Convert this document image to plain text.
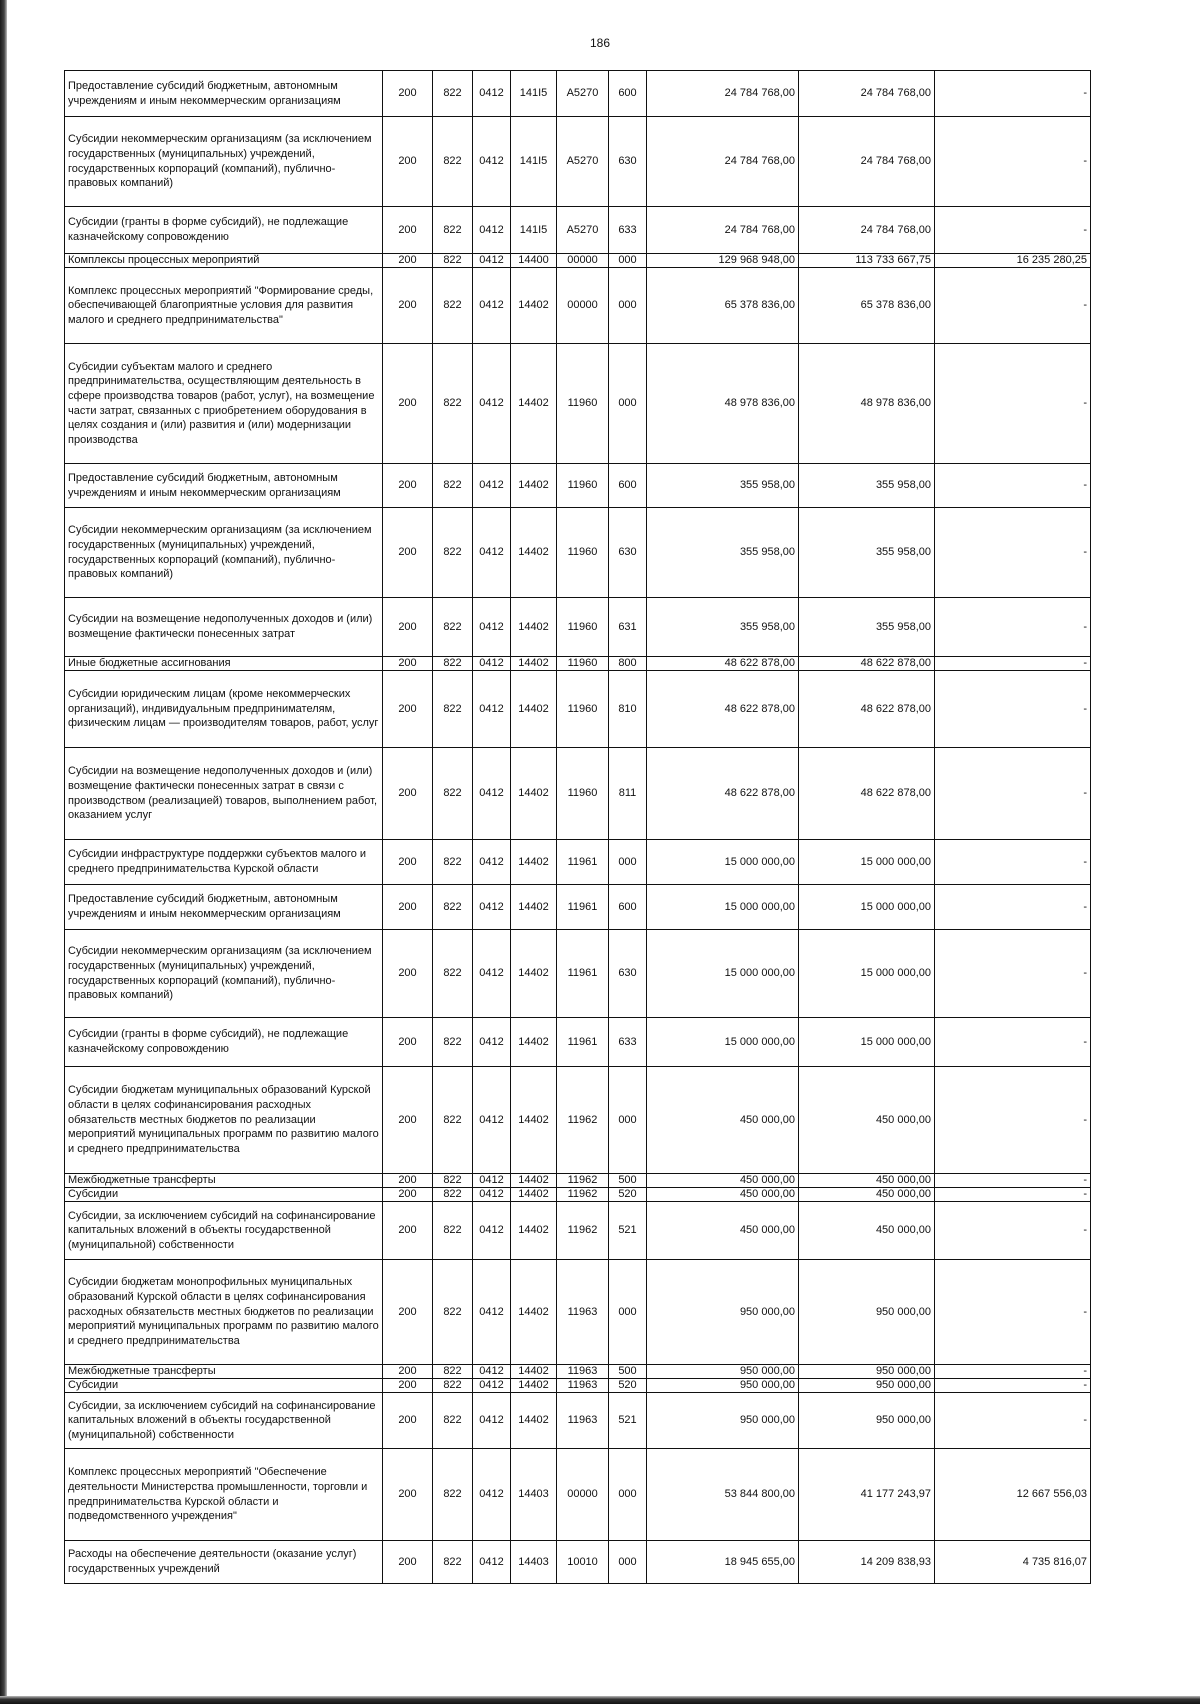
186
Предоставление субсидий бюджетным, автономным учреждениям и иным некоммерческим организациям	200	822	0412	141I5	A5270	600	24 784 768,00	24 784 768,00	-
Субсидии некоммерческим организациям (за исключением государственных (муниципальных) учреждений, государственных корпораций (компаний), публично-правовых компаний)	200	822	0412	141I5	A5270	630	24 784 768,00	24 784 768,00	-
Субсидии (гранты в форме субсидий), не подлежащие казначейскому сопровождению	200	822	0412	141I5	A5270	633	24 784 768,00	24 784 768,00	-
Комплексы процессных мероприятий	200	822	0412	14400	00000	000	129 968 948,00	113 733 667,75	16 235 280,25
Комплекс процессных мероприятий "Формирование среды, обеспечивающей благоприятные условия для развития малого и среднего предпринимательства"	200	822	0412	14402	00000	000	65 378 836,00	65 378 836,00	-
Субсидии субъектам малого и среднего предпринимательства, осуществляющим деятельность в сфере производства товаров (работ, услуг), на возмещение части затрат, связанных с приобретением оборудования в целях создания и (или) развития и (или) модернизации производства	200	822	0412	14402	11960	000	48 978 836,00	48 978 836,00	-
Предоставление субсидий бюджетным, автономным учреждениям и иным некоммерческим организациям	200	822	0412	14402	11960	600	355 958,00	355 958,00	-
Субсидии некоммерческим организациям (за исключением государственных (муниципальных) учреждений, государственных корпораций (компаний), публично-правовых компаний)	200	822	0412	14402	11960	630	355 958,00	355 958,00	-
Субсидии на возмещение недополученных доходов и (или) возмещение фактически понесенных затрат	200	822	0412	14402	11960	631	355 958,00	355 958,00	-
Иные бюджетные ассигнования	200	822	0412	14402	11960	800	48 622 878,00	48 622 878,00	-
Субсидии юридическим лицам (кроме некоммерческих организаций), индивидуальным предпринимателям, физическим лицам — производителям товаров, работ, услуг	200	822	0412	14402	11960	810	48 622 878,00	48 622 878,00	-
Субсидии на возмещение недополученных доходов и (или) возмещение фактически понесенных затрат в связи с производством (реализацией) товаров, выполнением работ, оказанием услуг	200	822	0412	14402	11960	811	48 622 878,00	48 622 878,00	-
Субсидии инфраструктуре поддержки субъектов малого и среднего предпринимательства Курской области	200	822	0412	14402	11961	000	15 000 000,00	15 000 000,00	-
Предоставление субсидий бюджетным, автономным учреждениям и иным некоммерческим организациям	200	822	0412	14402	11961	600	15 000 000,00	15 000 000,00	-
Субсидии некоммерческим организациям (за исключением государственных (муниципальных) учреждений, государственных корпораций (компаний), публично-правовых компаний)	200	822	0412	14402	11961	630	15 000 000,00	15 000 000,00	-
Субсидии (гранты в форме субсидий), не подлежащие казначейскому сопровождению	200	822	0412	14402	11961	633	15 000 000,00	15 000 000,00	-
Субсидии бюджетам муниципальных образований Курской области в целях софинансирования расходных обязательств местных бюджетов по реализации мероприятий муниципальных программ по развитию малого и среднего предпринимательства	200	822	0412	14402	11962	000	450 000,00	450 000,00	-
Межбюджетные трансферты	200	822	0412	14402	11962	500	450 000,00	450 000,00	-
Субсидии	200	822	0412	14402	11962	520	450 000,00	450 000,00	-
Субсидии, за исключением субсидий на софинансирование капитальных вложений в объекты государственной (муниципальной) собственности	200	822	0412	14402	11962	521	450 000,00	450 000,00	-
Субсидии бюджетам монопрофильных муниципальных образований Курской области в целях софинансирования расходных обязательств местных бюджетов по реализации мероприятий муниципальных программ по развитию малого и среднего предпринимательства	200	822	0412	14402	11963	000	950 000,00	950 000,00	-
Межбюджетные трансферты	200	822	0412	14402	11963	500	950 000,00	950 000,00	-
Субсидии	200	822	0412	14402	11963	520	950 000,00	950 000,00	-
Субсидии, за исключением субсидий на софинансирование капитальных вложений в объекты государственной (муниципальной) собственности	200	822	0412	14402	11963	521	950 000,00	950 000,00	-
Комплекс процессных мероприятий "Обеспечение деятельности Министерства промышленности, торговли и предпринимательства Курской области и подведомственного учреждения"	200	822	0412	14403	00000	000	53 844 800,00	41 177 243,97	12 667 556,03
Расходы на обеспечение деятельности (оказание услуг) государственных учреждений	200	822	0412	14403	10010	000	18 945 655,00	14 209 838,93	4 735 816,07
